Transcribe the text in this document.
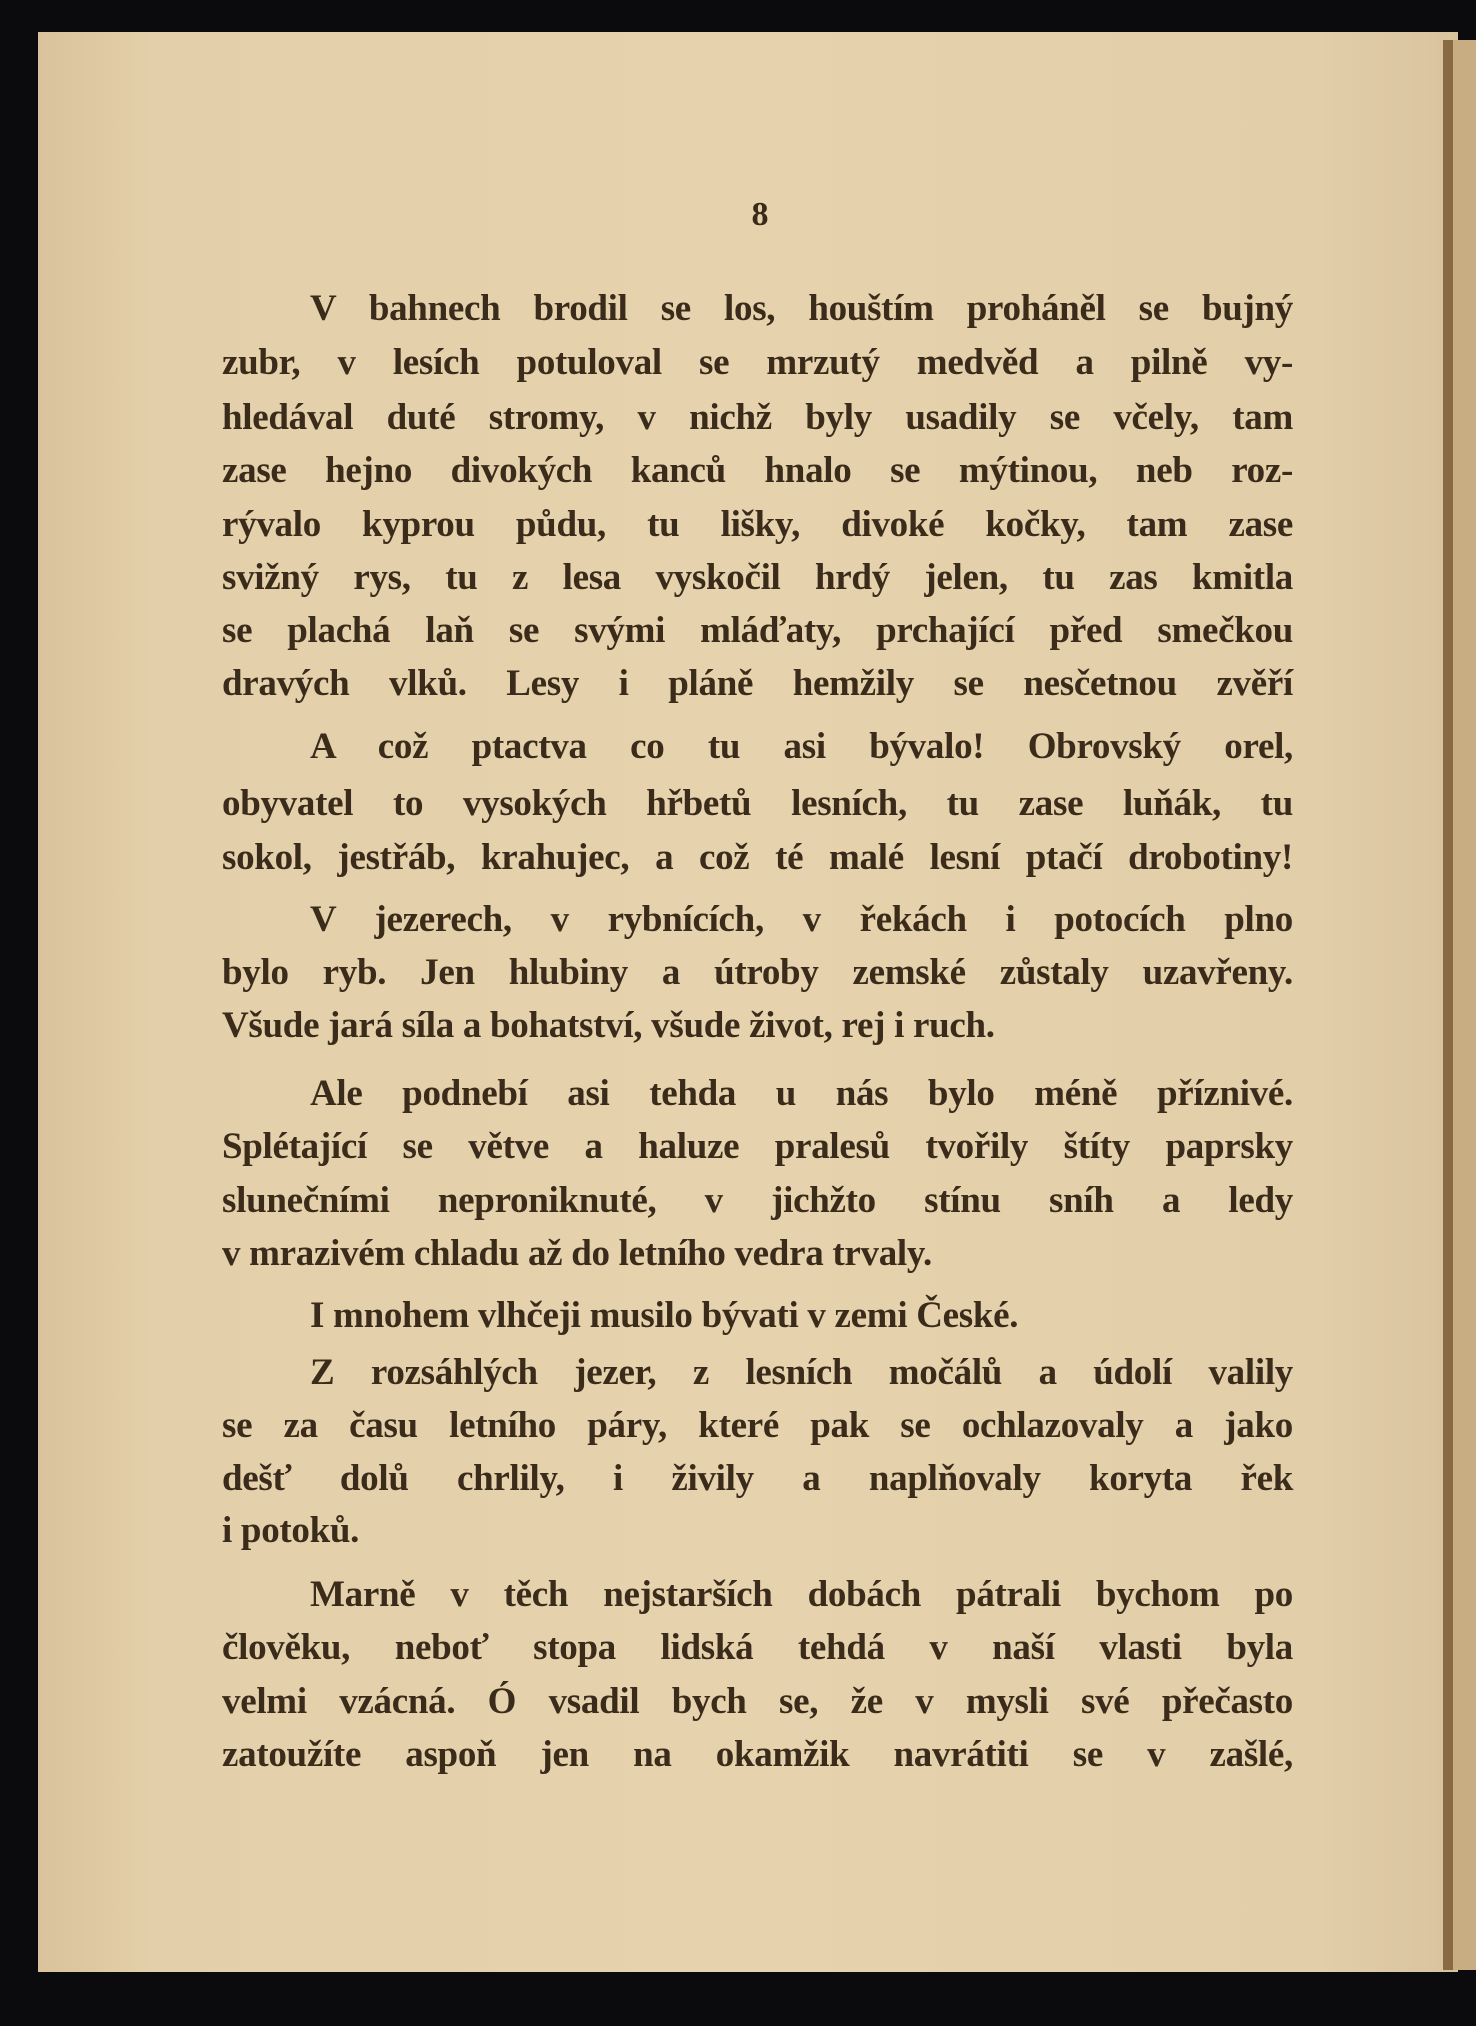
8
V bahnech brodil se los, houštím proháněl se bujný
zubr, v lesích potuloval se mrzutý medvěd a pilně vy-
hledával duté stromy, v nichž byly usadily se včely, tam
zase hejno divokých kanců hnalo se mýtinou, neb roz-
rývalo kyprou půdu, tu lišky, divoké kočky, tam zase
svižný rys, tu z lesa vyskočil hrdý jelen, tu zas kmitla
se plachá laň se svými mláďaty, prchající před smečkou
dravých vlků. Lesy i pláně hemžily se nesčetnou zvěří
A což ptactva co tu asi bývalo! Obrovský orel,
obyvatel to vysokých hřbetů lesních, tu zase luňák, tu
sokol, jestřáb, krahujec, a což té malé lesní ptačí drobotiny!
V jezerech, v rybnících, v řekách i potocích plno
bylo ryb. Jen hlubiny a útroby zemské zůstaly uzavřeny.
Všude jará síla a bohatství, všude život, rej i ruch.
Ale podnebí asi tehda u nás bylo méně příznivé.
Splétající se větve a haluze pralesů tvořily štíty paprsky
slunečními neproniknuté, v jichžto stínu sníh a ledy
v mrazivém chladu až do letního vedra trvaly.
I mnohem vlhčeji musilo bývati v zemi České.
Z rozsáhlých jezer, z lesních močálů a údolí valily
se za času letního páry, které pak se ochlazovaly a jako
dešť dolů chrlily, i živily a naplňovaly koryta řek
i potoků.
Marně v těch nejstarších dobách pátrali bychom po
člověku, neboť stopa lidská tehdá v naší vlasti byla
velmi vzácná. Ó vsadil bych se, že v mysli své přečasto
zatoužíte aspoň jen na okamžik navrátiti se v zašlé,
